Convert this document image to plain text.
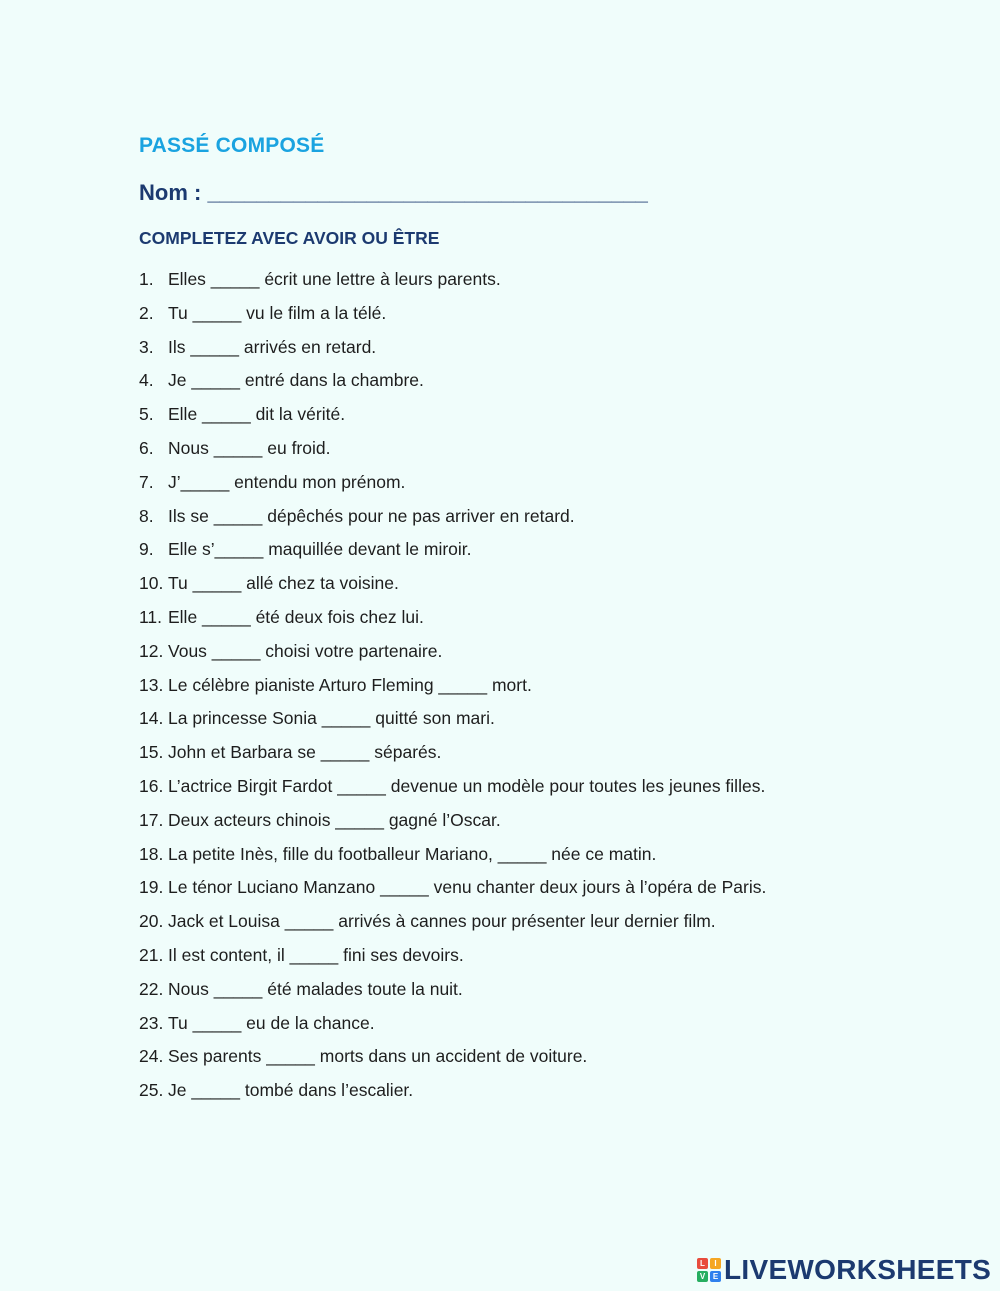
PASSÉ COMPOSÉ
Nom : ____________________________________
COMPLETEZ AVEC AVOIR OU ÊTRE
1. Elles _____ écrit une lettre à leurs parents.
2. Tu _____ vu le film a la télé.
3. Ils _____ arrivés en retard.
4. Je _____ entré dans la chambre.
5. Elle _____ dit la vérité.
6. Nous _____ eu froid.
7. J’_____ entendu mon prénom.
8. Ils se _____ dépêchés pour ne pas arriver en retard.
9. Elle s’_____ maquillée devant le miroir.
10. Tu _____ allé chez ta voisine.
11. Elle _____ été deux fois chez lui.
12. Vous _____ choisi votre partenaire.
13. Le célèbre pianiste Arturo Fleming _____ mort.
14. La princesse Sonia _____ quitté son mari.
15. John et Barbara se _____ séparés.
16. L’actrice Birgit Fardot _____ devenue un modèle pour toutes les jeunes filles.
17. Deux acteurs chinois _____ gagné l’Oscar.
18. La petite Inès, fille du footballeur Mariano, _____ née ce matin.
19. Le ténor Luciano Manzano _____ venu chanter deux jours à l’opéra de Paris.
20. Jack et Louisa _____ arrivés à cannes pour présenter leur dernier film.
21. Il est content, il _____ fini ses devoirs.
22. Nous _____ été malades toute la nuit.
23. Tu _____ eu de la chance.
24. Ses parents _____ morts dans un accident de voiture.
25. Je _____ tombé dans l’escalier.
L	I
V E LIVEWORKSHEETS
